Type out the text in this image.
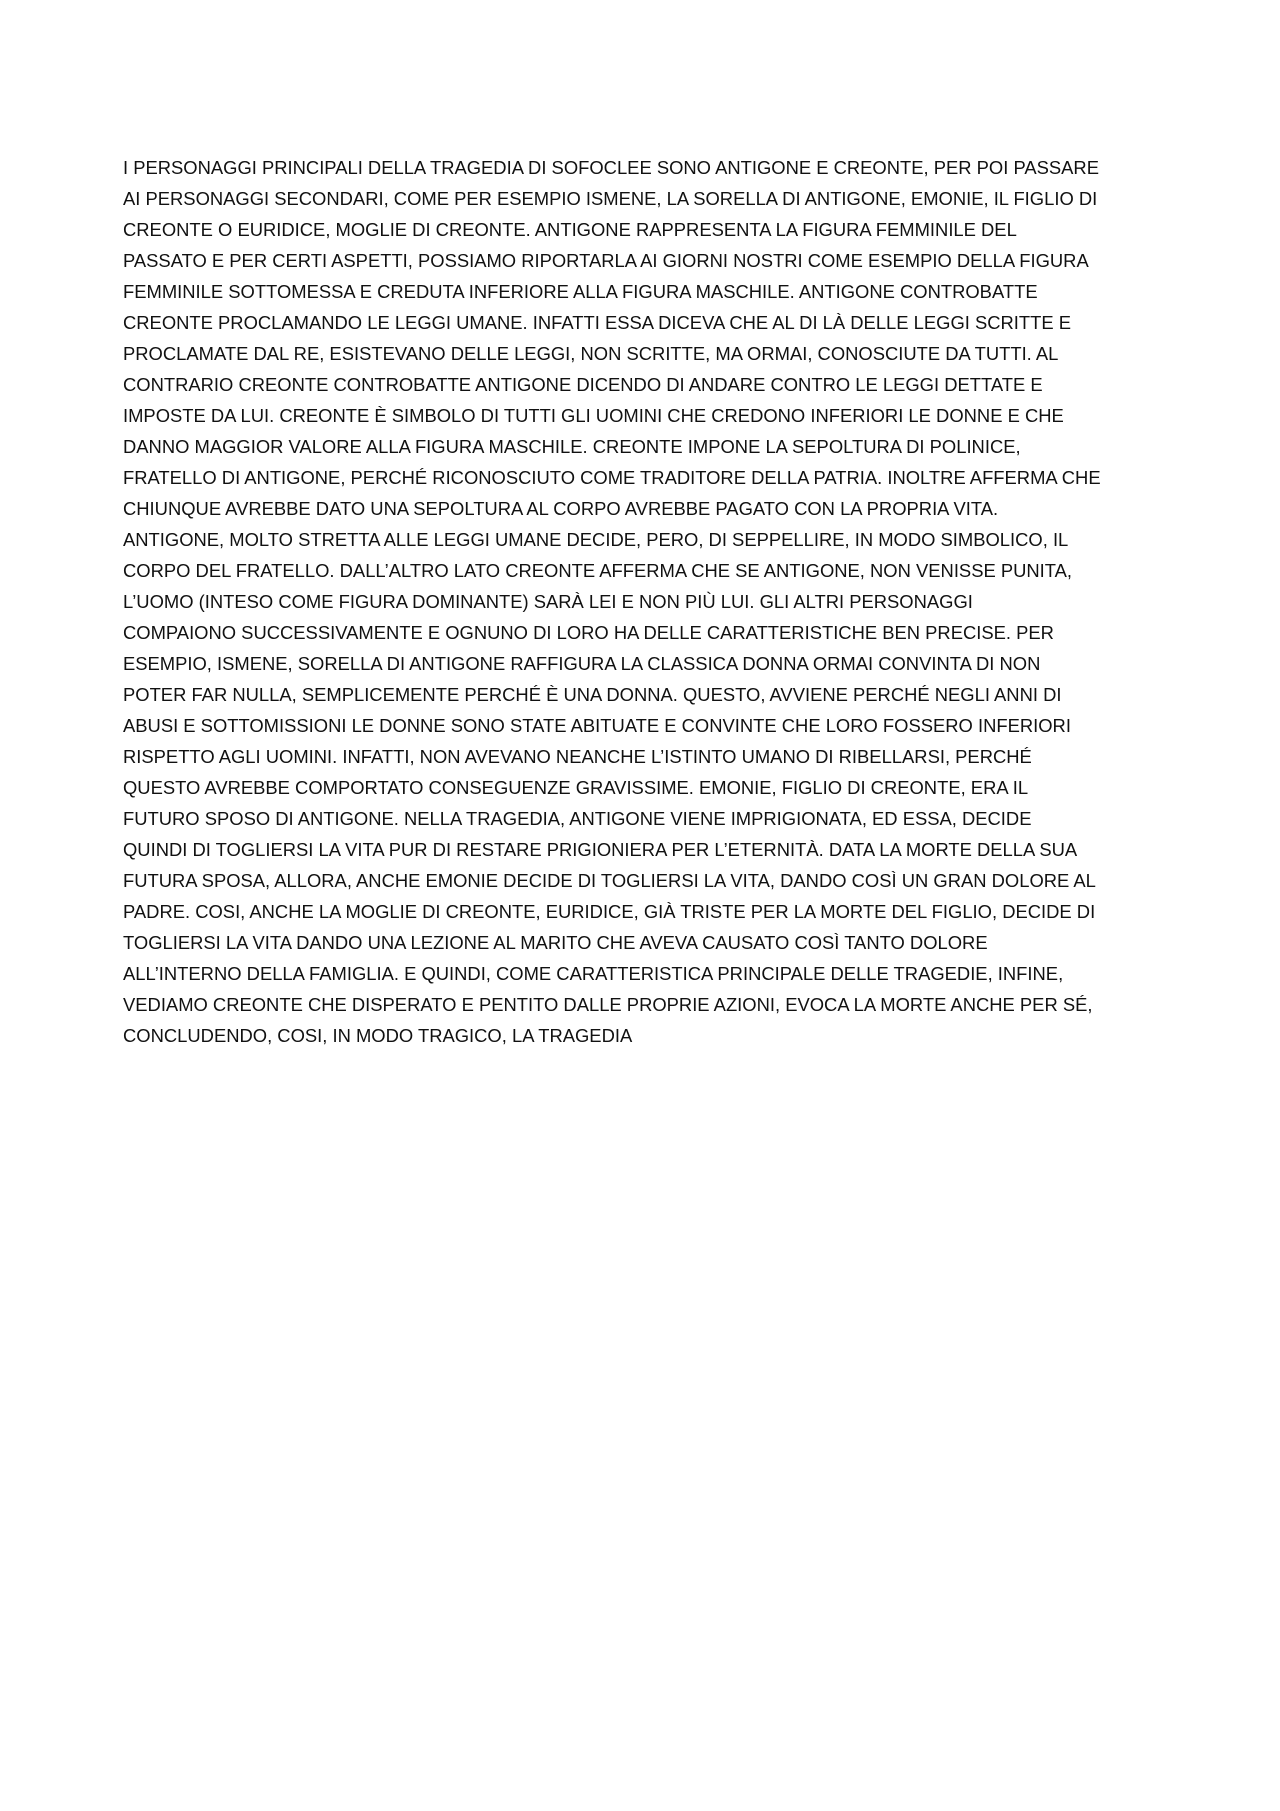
I PERSONAGGI PRINCIPALI DELLA TRAGEDIA DI SOFOCLEE SONO ANTIGONE E CREONTE, PER POI PASSARE
AI PERSONAGGI SECONDARI, COME PER ESEMPIO ISMENE, LA SORELLA DI ANTIGONE, EMONIE, IL FIGLIO DI
CREONTE O EURIDICE, MOGLIE DI CREONTE. ANTIGONE RAPPRESENTA LA FIGURA FEMMINILE DEL
PASSATO E PER CERTI ASPETTI, POSSIAMO RIPORTARLA AI GIORNI NOSTRI COME ESEMPIO DELLA FIGURA
FEMMINILE SOTTOMESSA E CREDUTA INFERIORE ALLA FIGURA MASCHILE. ANTIGONE CONTROBATTE
CREONTE PROCLAMANDO LE LEGGI UMANE. INFATTI ESSA DICEVA CHE AL DI LÀ DELLE LEGGI SCRITTE E
PROCLAMATE DAL RE, ESISTEVANO DELLE LEGGI, NON SCRITTE, MA ORMAI, CONOSCIUTE DA TUTTI. AL
CONTRARIO CREONTE CONTROBATTE ANTIGONE DICENDO DI ANDARE CONTRO LE LEGGI DETTATE E
IMPOSTE DA LUI. CREONTE È SIMBOLO DI TUTTI GLI UOMINI CHE CREDONO INFERIORI LE DONNE E CHE
DANNO MAGGIOR VALORE ALLA FIGURA MASCHILE. CREONTE IMPONE LA SEPOLTURA DI POLINICE,
FRATELLO DI ANTIGONE, PERCHÉ RICONOSCIUTO COME TRADITORE DELLA PATRIA. INOLTRE AFFERMA CHE
CHIUNQUE AVREBBE DATO UNA SEPOLTURA AL CORPO AVREBBE PAGATO CON LA PROPRIA VITA.
ANTIGONE, MOLTO STRETTA ALLE LEGGI UMANE DECIDE, PERO, DI SEPPELLIRE, IN MODO SIMBOLICO, IL
CORPO DEL FRATELLO. DALL’ALTRO LATO CREONTE AFFERMA CHE SE ANTIGONE, NON VENISSE PUNITA,
L’UOMO (INTESO COME FIGURA DOMINANTE) SARÀ LEI E NON PIÙ LUI. GLI ALTRI PERSONAGGI
COMPAIONO SUCCESSIVAMENTE E OGNUNO DI LORO HA DELLE CARATTERISTICHE BEN PRECISE. PER
ESEMPIO, ISMENE, SORELLA DI ANTIGONE RAFFIGURA LA CLASSICA DONNA ORMAI CONVINTA DI NON
POTER FAR NULLA, SEMPLICEMENTE PERCHÉ È UNA DONNA. QUESTO, AVVIENE PERCHÉ NEGLI ANNI DI
ABUSI E SOTTOMISSIONI LE DONNE SONO STATE ABITUATE E CONVINTE CHE LORO FOSSERO INFERIORI
RISPETTO AGLI UOMINI. INFATTI, NON AVEVANO NEANCHE L’ISTINTO UMANO DI RIBELLARSI, PERCHÉ
QUESTO AVREBBE COMPORTATO CONSEGUENZE GRAVISSIME. EMONIE, FIGLIO DI CREONTE, ERA IL
FUTURO SPOSO DI ANTIGONE. NELLA TRAGEDIA, ANTIGONE VIENE IMPRIGIONATA, ED ESSA, DECIDE
QUINDI DI TOGLIERSI LA VITA PUR DI RESTARE PRIGIONIERA PER L’ETERNITÀ. DATA LA MORTE DELLA SUA
FUTURA SPOSA, ALLORA, ANCHE EMONIE DECIDE DI TOGLIERSI LA VITA, DANDO COSÌ UN GRAN DOLORE AL
PADRE. COSI, ANCHE LA MOGLIE DI CREONTE, EURIDICE, GIÀ TRISTE PER LA MORTE DEL FIGLIO, DECIDE DI
TOGLIERSI LA VITA DANDO UNA LEZIONE AL MARITO CHE AVEVA CAUSATO COSÌ TANTO DOLORE
ALL’INTERNO DELLA FAMIGLIA. E QUINDI, COME CARATTERISTICA PRINCIPALE DELLE TRAGEDIE, INFINE,
VEDIAMO CREONTE CHE DISPERATO E PENTITO DALLE PROPRIE AZIONI, EVOCA LA MORTE ANCHE PER SÉ,
CONCLUDENDO, COSI, IN MODO TRAGICO, LA TRAGEDIA
